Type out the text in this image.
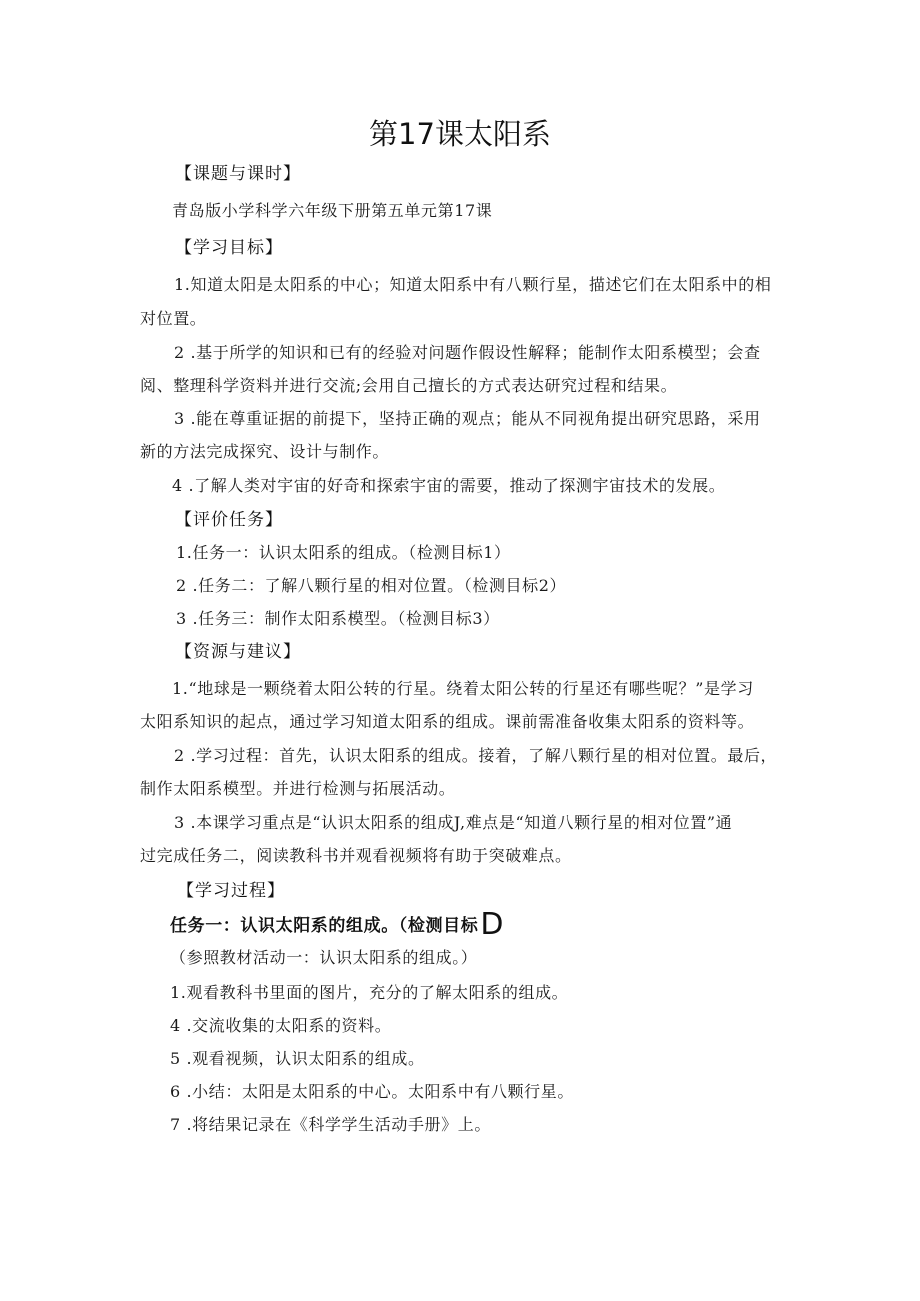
第17课太阳系
【课题与课时】
青岛版小学科学六年级下册第五单元第17课
【学习目标】
1.知道太阳是太阳系的中心；知道太阳系中有八颗行星，描述它们在太阳系中的相
对位置。
2 .基于所学的知识和已有的经验对问题作假设性解释；能制作太阳系模型；会查
阅、整理科学资料并进行交流;会用自己擅长的方式表达研究过程和结果。
3 .能在尊重证据的前提下，坚持正确的观点；能从不同视角提出研究思路，采用
新的方法完成探究、设计与制作。
4 .了解人类对宇宙的好奇和探索宇宙的需要，推动了探测宇宙技术的发展。
【评价任务】
1.任务一：认识太阳系的组成。（检测目标1）
2 .任务二：了解八颗行星的相对位置。（检测目标2）
3 .任务三：制作太阳系模型。（检测目标3）
【资源与建议】
1.“地球是一颗绕着太阳公转的行星。绕着太阳公转的行星还有哪些呢？”是学习
太阳系知识的起点，通过学习知道太阳系的组成。课前需准备收集太阳系的资料等。
2 .学习过程：首先，认识太阳系的组成。接着，了解八颗行星的相对位置。最后，
制作太阳系模型。并进行检测与拓展活动。
3 .本课学习重点是“认识太阳系的组成J,难点是“知道八颗行星的相对位置”通
过完成任务二，阅读教科书并观看视频将有助于突破难点。
【学习过程】
任务一：认识太阳系的组成。（检测目标D
（参照教材活动一：认识太阳系的组成。）
1.观看教科书里面的图片，充分的了解太阳系的组成。
4 .交流收集的太阳系的资料。
5 .观看视频，认识太阳系的组成。
6 .小结：太阳是太阳系的中心。太阳系中有八颗行星。
7 .将结果记录在《科学学生活动手册》上。
